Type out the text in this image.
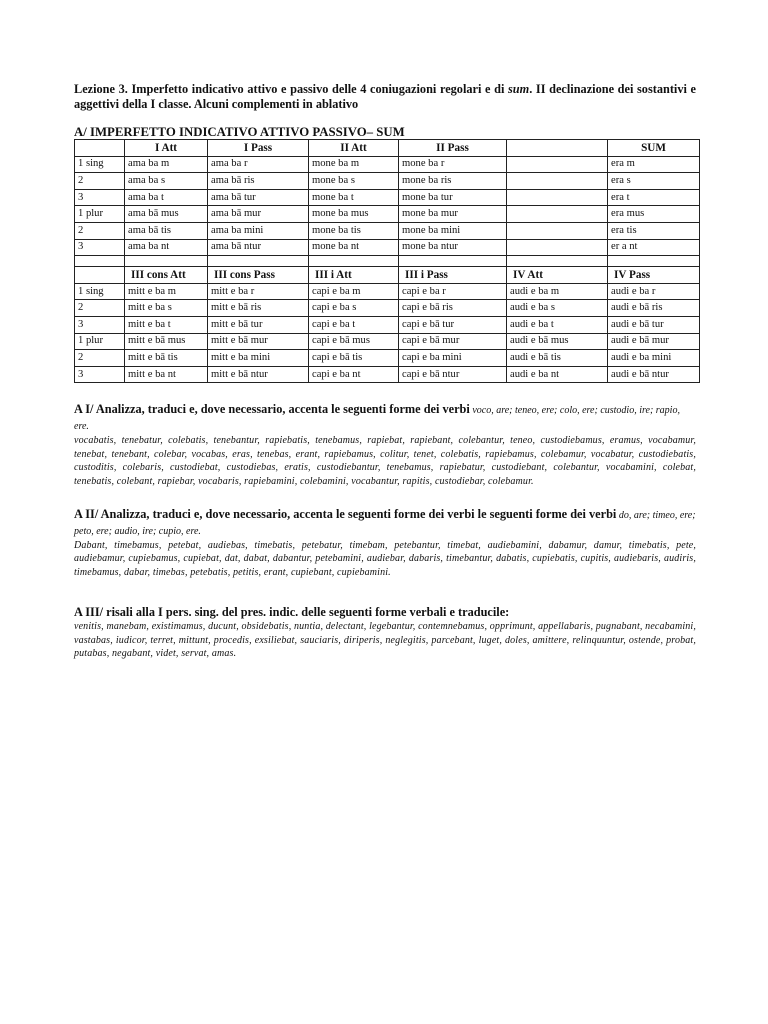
Lezione 3. Imperfetto indicativo attivo e passivo delle 4 coniugazioni regolari e di sum. II declinazione dei sostantivi e aggettivi della I classe. Alcuni complementi in ablativo
A/ IMPERFETTO INDICATIVO ATTIVO PASSIVO– SUM
	I Att	I Pass	II Att	II Pass		SUM
1 sing	ama ba m	ama ba r	mone ba m	mone ba r		era m
2	ama ba s	ama bā ris	mone ba s	mone ba ris		era s
3	ama ba t	ama bā tur	mone ba t	mone ba tur		era t
1 plur	ama bā mus	ama bā mur	mone ba mus	mone ba mur		era mus
2	ama bā tis	ama ba mini	mone ba tis	mone ba mini		era tis
3	ama ba nt	ama bā ntur	mone ba nt	mone ba ntur		er a nt

	III cons Att	III cons Pass	III i Att	III i Pass	IV Att	IV Pass
1 sing	mitt e ba m	mitt e ba r	capi e ba m	capi e ba r	audi e ba m	audi e ba r
2	mitt e ba s	mitt e bā ris	capi e ba s	capi e bā ris	audi e ba s	audi e bā ris
3	mitt e ba t	mitt e bā tur	capi e ba t	capi e bā tur	audi e ba t	audi e bā tur
1 plur	mitt e bā mus	mitt e bā mur	capi e bā mus	capi e bā mur	audi e bā mus	audi e bā mur
2	mitt e bā tis	mitt e ba mini	capi e bā tis	capi e ba mini	audi e bā tis	audi e ba mini
3	mitt e ba nt	mitt e bā ntur	capi e ba nt	capi e bā ntur	audi e ba nt	audi e bā ntur
A I/ Analizza, traduci e, dove necessario, accenta le seguenti forme dei verbi voco, are; teneo, ere; colo, ere; custodio, ire; rapio, ere.
vocabatis, tenebatur, colebatis, tenebantur, rapiebatis, tenebamus, rapiebat, rapiebant, colebantur, teneo, custodiebamus, eramus, vocabamur, tenebat, tenebant, colebar, vocabas, eras, tenebas, erant, rapiebamus, colitur, tenet, colebatis, rapiebamus, colebamur, vocabatur, custodiebatis, custoditis, colebaris, custodiebat, custodiebas, eratis, custodiebantur, tenebamus, rapiebatur, custodiebant, colebantur, vocabamini, colebat, tenebatis, colebant, rapiebar, vocabaris, rapiebamini, colebamini, vocabantur, rapitis, custodiebar, colebamur.
A II/ Analizza, traduci e, dove necessario, accenta le seguenti forme dei verbi le seguenti forme dei verbi do, are; timeo, ere; peto, ere; audio, ire; cupio, ere.
Dabant, timebamus, petebat, audiebas, timebatis, petebatur, timebam, petebantur, timebat, audiebamini, dabamur, damur, timebatis, pete, audiebamur, cupiebamus, cupiebat, dat, dabat, dabantur, petebamini, audiebar, dabaris, timebantur, dabatis, cupiebatis, cupitis, audiebaris, audiris, timebamus, dabar, timebas, petebatis, petitis, erant, cupiebant, cupiebamini.
A III/ risali alla I pers. sing. del pres. indic. delle seguenti forme verbali e traducile:
venitis, manebam, existimamus, ducunt, obsidebatis, nuntia, delectant, legebantur, contemnebamus, opprimunt, appellabaris, pugnabant, necabamini, vastabas, iudicor, terret, mittunt, procedis, exsiliebat, sauciaris, diriperis, neglegitis, parcebant, luget, doles, amittere, relinquuntur, ostende, probat, putabas, negabant, videt, servat, amas.
